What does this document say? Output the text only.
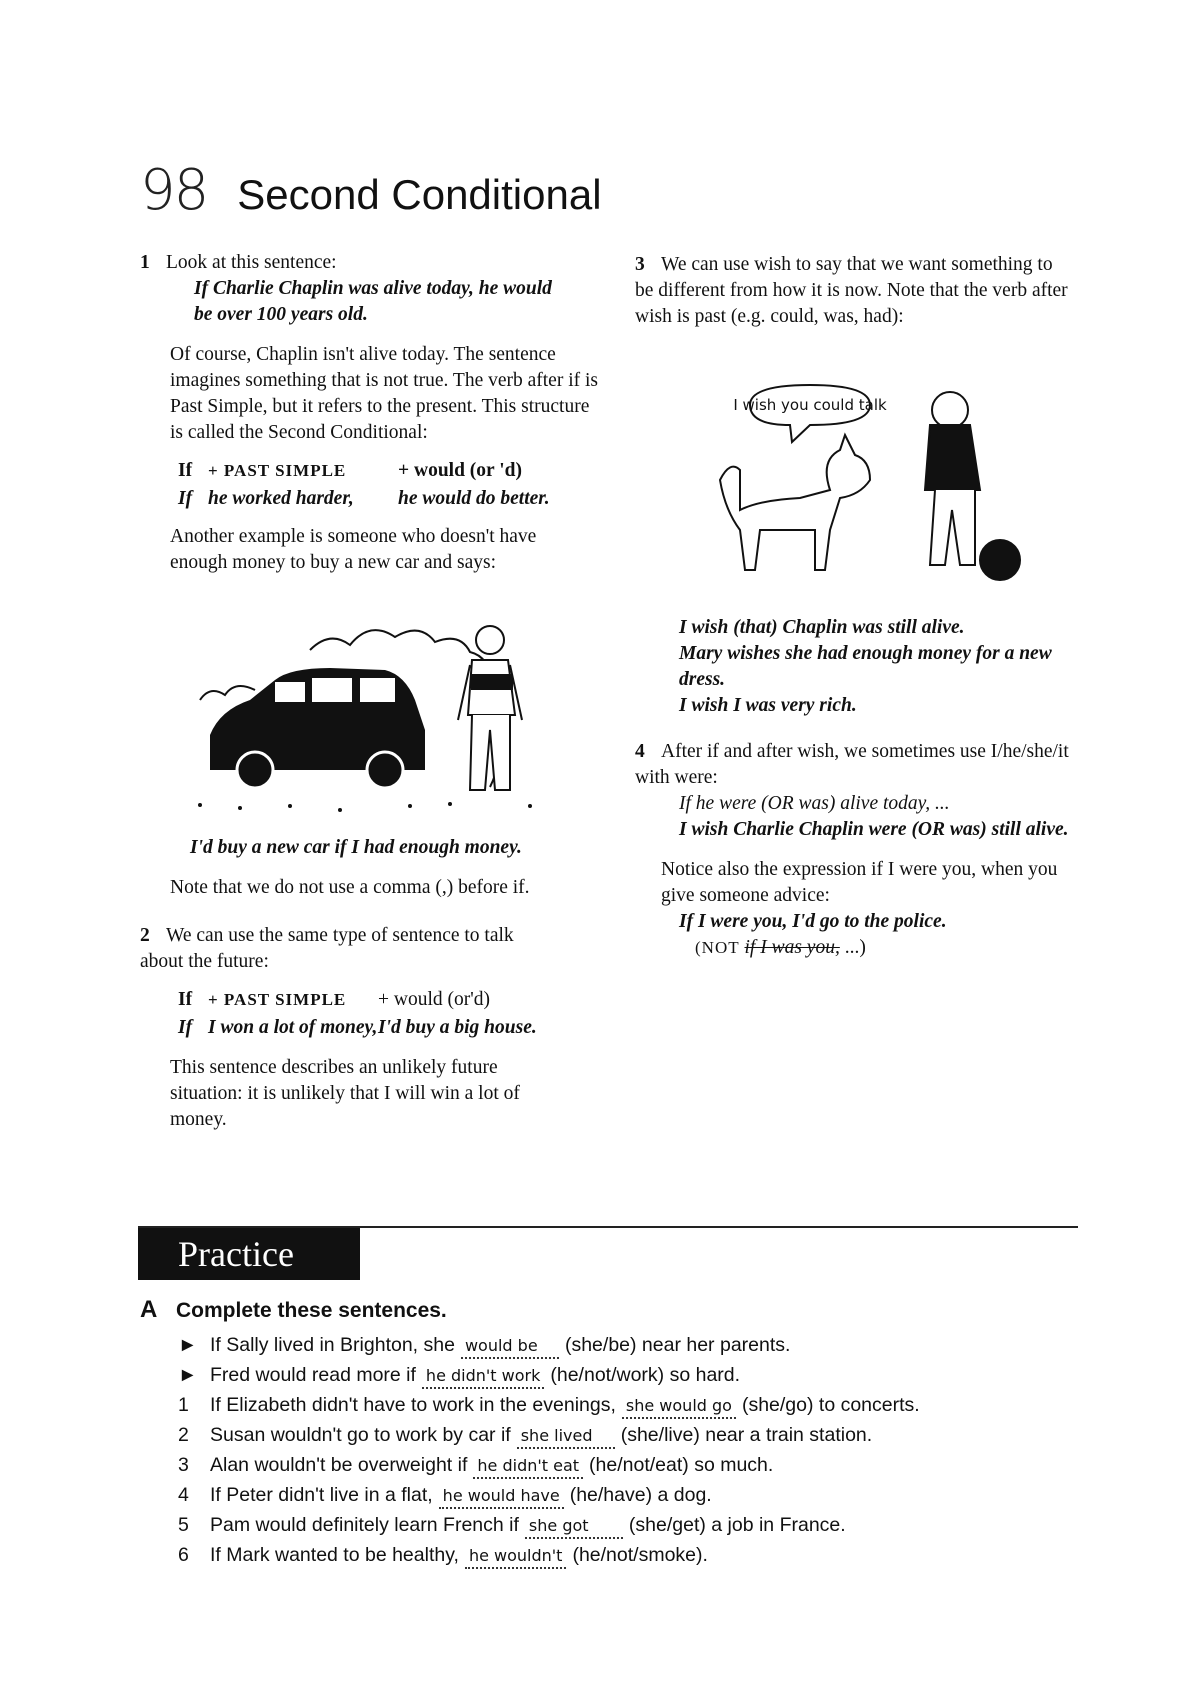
98 Second Conditional

1 Look at this sentence:

If Charlie Chaplin was alive today, he would be over 100 years old.

Of course, Chaplin isn't alive today. The sentence imagines something that is not true. The verb after if is Past Simple, but it refers to the present. This structure is called the Second Conditional:

If + PAST SIMPLE	+ would (or 'd)
If he worked harder,	he would do better.

Another example is someone who doesn't have enough money to buy a new car and says:

I'd buy a new car if I had enough money.

Note that we do not use a comma (,) before if.

2 We can use the same type of sentence to talk about the future:

If + PAST SIMPLE	+ would (or'd)
If I won a lot of money, I'd buy a big house.

This sentence describes an unlikely future situation: it is unlikely that I will win a lot of money.

3 We can use wish to say that we want something to be different from how it is now. Note that the verb after wish is past (e.g. could, was, had):

I wish you could talk

I wish (that) Chaplin was still alive.

Mary wishes she had enough money for a new dress.

I wish I was very rich.

4 After if and after wish, we sometimes use I/he/she/it with were:

If he were (OR was) alive today, ...

I wish Charlie Chaplin were (OR was) still alive.

Notice also the expression if I were you, when you give someone advice:

If I were you, I'd go to the police.

(NOT if I was you, ...)

Practice
A Complete these sentences.
► If Sally lived in Brighton, she would be	(she/be) near her parents.
► Fred would read more if he didn't work (he/not/work) so hard.
1	If Elizabeth didn't have to work in the evenings, she would go (she/go) to concerts.
2	Susan wouldn't go to work by car if she lived	(she/live) near a train station.
3	Alan wouldn't be overweight if he didn't eat (he/not/eat) so much.
4	If Peter didn't live in a flat, he would have (he/have) a dog.
5	Pam would definitely learn French if she got	(she/get) a job in France.
6	If Mark wanted to be healthy, he wouldn't (he/not/smoke).
